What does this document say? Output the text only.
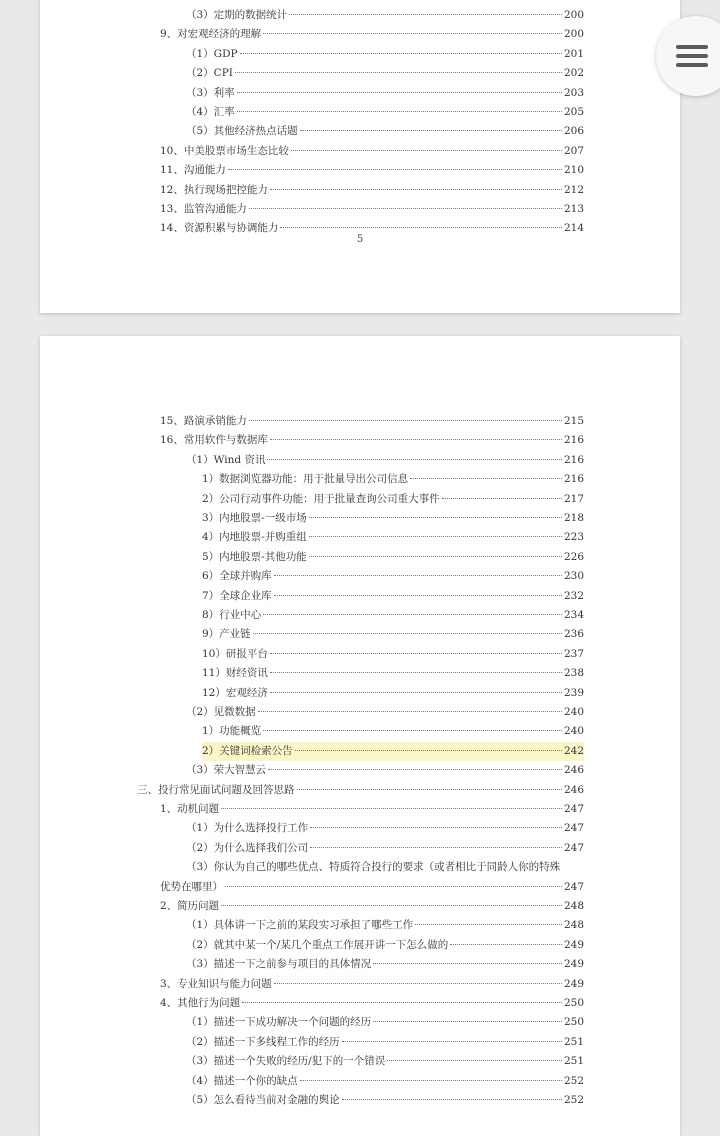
（3）定期的数据统计	200
9、对宏观经济的理解	200
（1）GDP	201
（2）CPI	202
（3）利率	203
（4）汇率	205
（5）其他经济热点话题	206
10、中美股票市场生态比较	207
11、沟通能力	210
12、执行现场把控能力	212
13、监管沟通能力	213
14、资源积累与协调能力	214
5
15、路演承销能力	215
16、常用软件与数据库	216
（1）Wind 资讯	216
1）数据浏览器功能：用于批量导出公司信息	216
2）公司行动事件功能：用于批量查询公司重大事件	217
3）内地股票-一级市场	218
4）内地股票-并购重组	223
5）内地股票-其他功能	226
6）全球并购库	230
7）全球企业库	232
8）行业中心	234
9）产业链	236
10）研报平台	237
11）财经资讯	238
12）宏观经济	239
（2）见微数据	240
1）功能概览	240
2）关键词检索公告	242
（3）荣大智慧云	246
三、投行常见面试问题及回答思路	246
1、动机问题	247
（1）为什么选择投行工作	247
（2）为什么选择我们公司	247
（3）你认为自己的哪些优点、特质符合投行的要求（或者相比于同龄人你的特殊
优势在哪里）	247
2、简历问题	248
（1）具体讲一下之前的某段实习承担了哪些工作	248
（2）就其中某一个/某几个重点工作展开讲一下怎么做的	249
（3）描述一下之前参与项目的具体情况	249
3、专业知识与能力问题	249
4、其他行为问题	250
（1）描述一下成功解决一个问题的经历	250
（2）描述一下多线程工作的经历	251
（3）描述一个失败的经历/犯下的一个错误	251
（4）描述一个你的缺点	252
（5）怎么看待当前对金融的舆论	252
